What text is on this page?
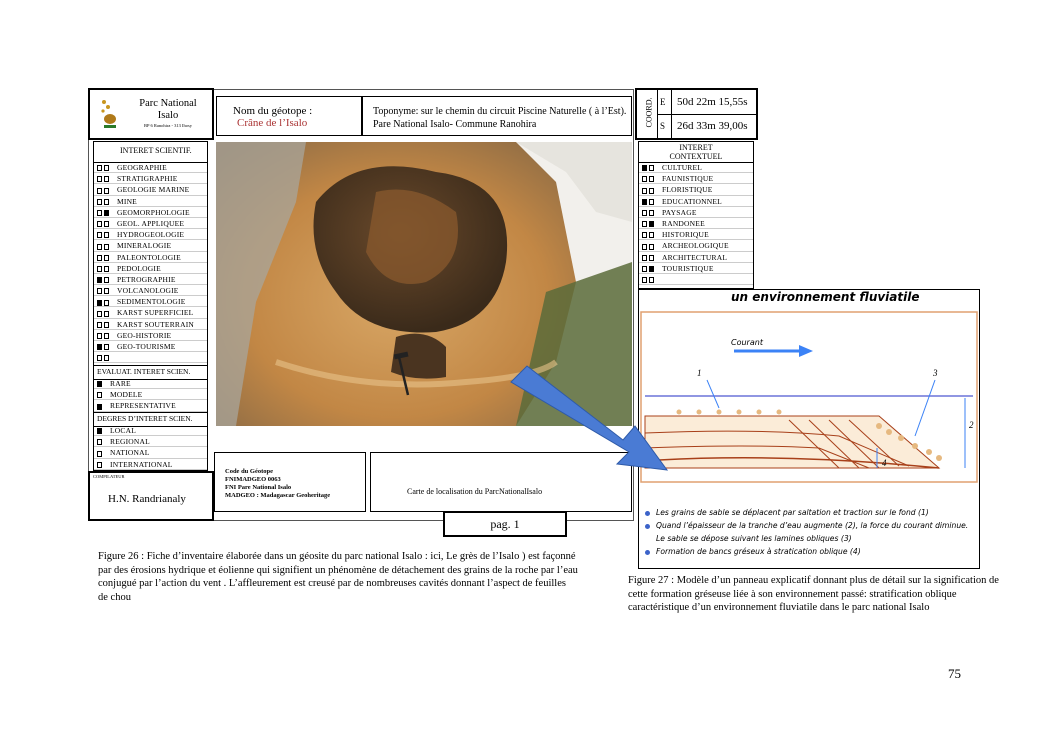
Parc National
Isalo
BP 6 Ranohira - 313 Ihosy
Nom du géotope :
Crâne de l’Isalo
Toponyme: sur le chemin du circuit Piscine Naturelle ( à l’Est). Pare National Isalo- Commune Ranohira	COORD. E 50d 22m 15,55s
S 26d 33m 39,00s
INTERET SCIENTIF.
GEOGRAPHIE
STRATIGRAPHIE
GEOLOGIE MARINE
MINE
GEOMORPHOLOGIE
GEOL. APPLIQUEE
HYDROGEOLOGIE
MINERALOGIE
PALEONTOLOGIE
PEDOLOGIE
PETROGRAPHIE
VOLCANOLOGIE
SEDIMENTOLOGIE
KARST SUPERFICIEL
KARST SOUTERRAIN
GEO-HISTORIE
GEO-TOURISME
EVALUAT. INTERET SCIEN.
RARE
MODELE
REPRESENTATIVE
DEGRES D’INTERET SCIEN.
LOCAL
REGIONAL
NATIONAL
INTERNATIONAL
COMPILATEUR
H.N. Randrianaly
Code du Géotope
FNIMADGEO 0063
FNI Pare National Isalo
MADGEO : Madagascar Geoheritage	Carte de localisation du ParcNationalIsalo
pag. 1
INTERET
CONTEXTUEL
CULTUREL
FAUNISTIQUE
FLORISTIQUE
EDUCATIONNEL
PAYSAGE
RANDONEE
HISTORIQUE
ARCHEOLOGIQUE
ARCHITECTURAL
TOURISTIQUE
un environnement fluviatile
Courant
1	3
2
4
Les grains de sable se déplacent par saltation et traction sur le fond (1)
Quand l’épaisseur de la tranche d’eau augmente (2), la force du courant diminue.
Le sable se dépose suivant les lamines obliques (3)
Formation de bancs gréseux à stratication oblique (4)
Figure 26 : Fiche d’inventaire élaborée dans un géosite du parc national Isalo : ici, Le grès de l’Isalo ) est façonné par des érosions hydrique et éolienne qui signifient un phénomène de détachement des grains de la roche par l’eau conjugué par l’action du vent . L’affleurement est creusé par de nombreuses cavités donnant l’aspect de feuilles de chou
Figure 27 : Modèle d’un panneau explicatif donnant plus de détail sur la signification de cette formation gréseuse liée à son environnement passé: stratification oblique caractéristique d’un environnement fluviatile dans le parc national Isalo
75
